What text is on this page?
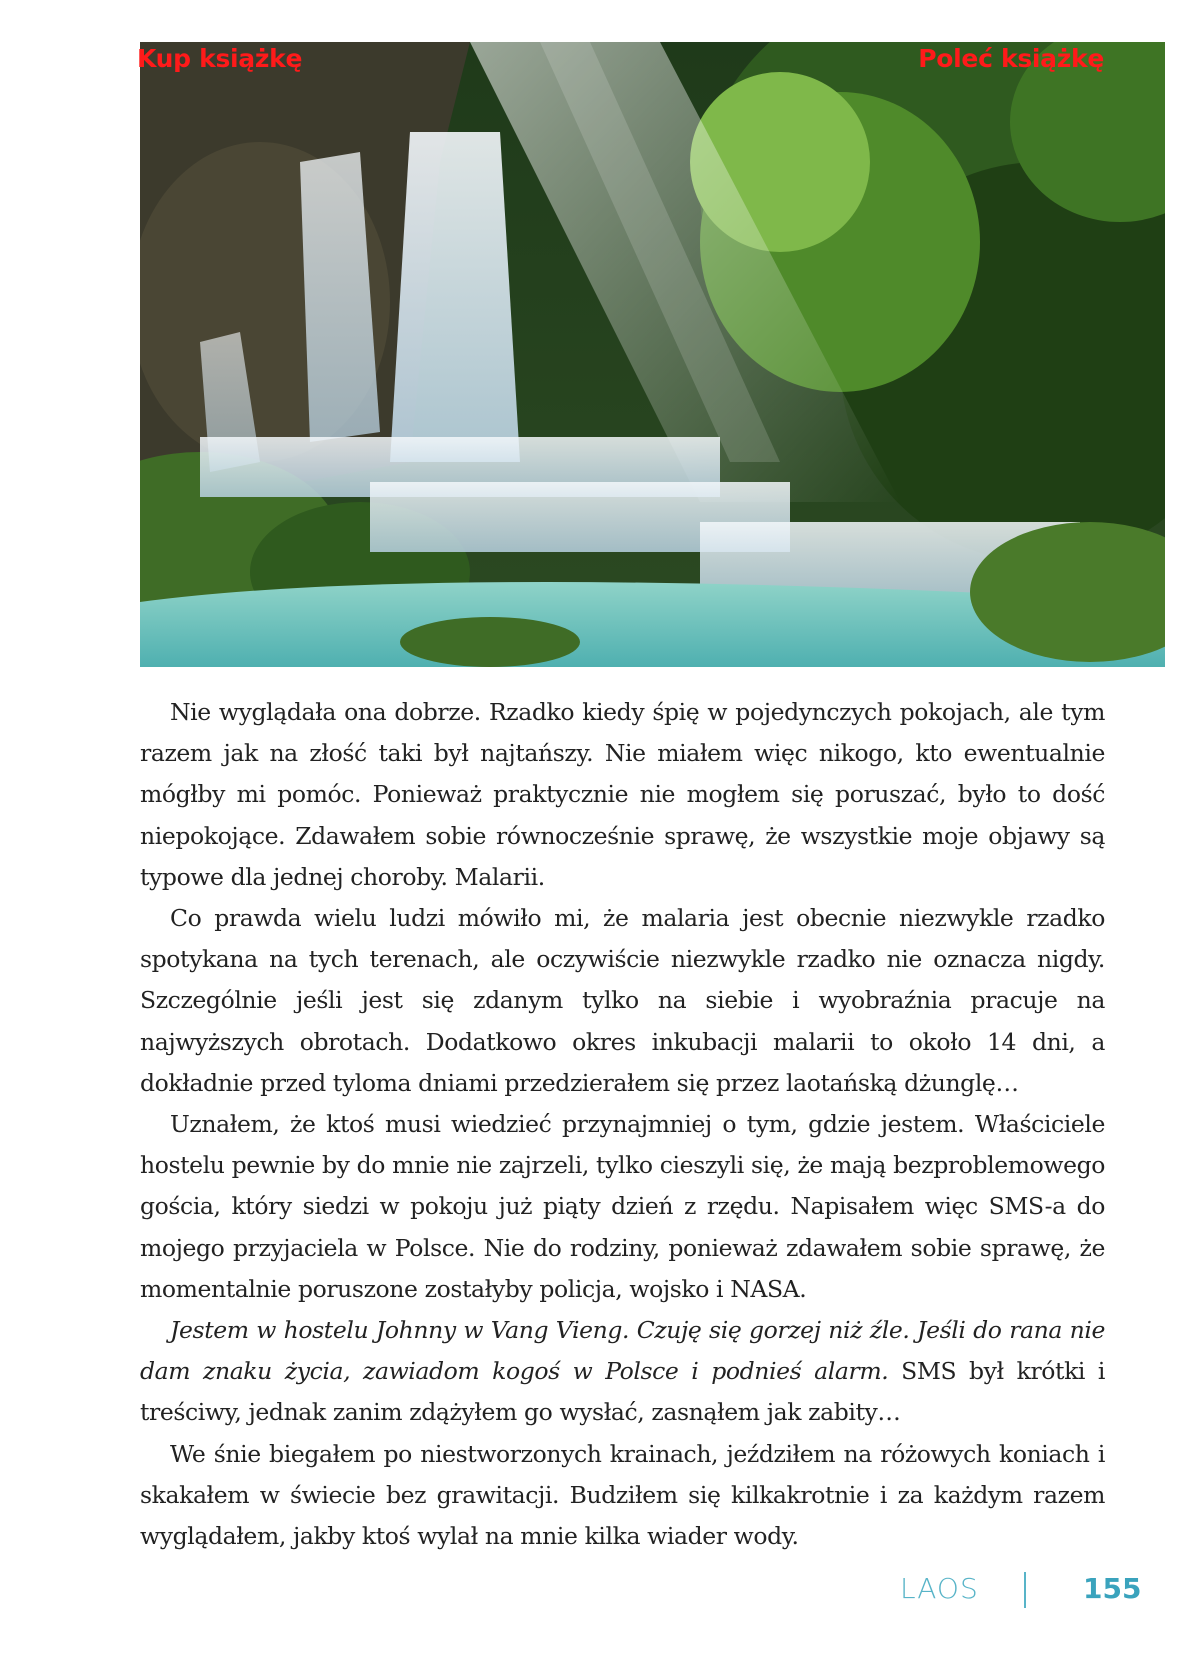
Kup książkę	Poleć książkę

Nie wyglądała ona dobrze. Rzadko kiedy śpię w pojedynczych pokojach, ale tym razem jak na złość taki był najtańszy. Nie miałem więc nikogo, kto ewentualnie mógłby mi pomóc. Ponieważ praktycznie nie mogłem się poruszać, było to dość niepokojące. Zdawałem sobie równocześnie sprawę, że wszystkie moje objawy są typowe dla jednej choroby. Malarii.

Co prawda wielu ludzi mówiło mi, że malaria jest obecnie niezwykle rzadko spotykana na tych terenach, ale oczywiście niezwykle rzadko nie oznacza nigdy. Szczególnie jeśli jest się zdanym tylko na siebie i wyobraźnia pracuje na najwyższych obrotach. Dodatkowo okres inkubacji malarii to około 14 dni, a dokładnie przed tyloma dniami przedzierałem się przez laotańską dżunglę…

Uznałem, że ktoś musi wiedzieć przynajmniej o tym, gdzie jestem. Właściciele hostelu pewnie by do mnie nie zajrzeli, tylko cieszyli się, że mają bezproblemowego gościa, który siedzi w pokoju już piąty dzień z rzędu. Napisałem więc SMS-a do mojego przyjaciela w Polsce. Nie do rodziny, ponieważ zdawałem sobie sprawę, że momentalnie poruszone zostałyby policja, wojsko i NASA.

Jestem w hostelu Johnny w Vang Vieng. Czuję się gorzej niż źle. Jeśli do rana nie dam znaku życia, zawiadom kogoś w Polsce i podnieś alarm. SMS był krótki i treściwy, jednak zanim zdążyłem go wysłać, zasnąłem jak zabity…

We śnie biegałem po niestworzonych krainach, jeździłem na różowych koniach i skakałem w świecie bez grawitacji. Budziłem się kilkakrotnie i za każdym razem wyglądałem, jakby ktoś wylał na mnie kilka wiader wody.

LAOS	155
